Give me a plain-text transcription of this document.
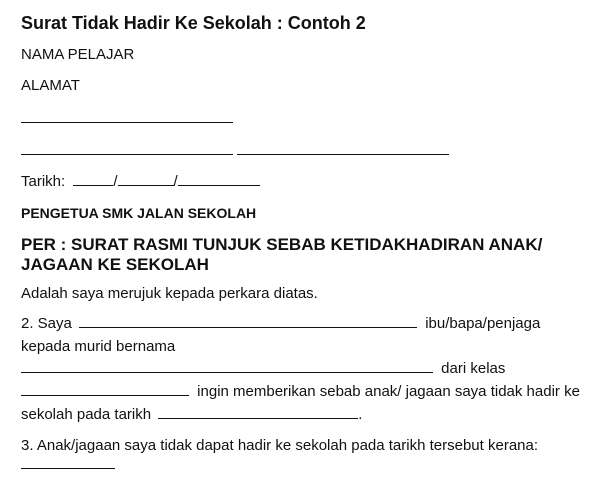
Surat Tidak Hadir Ke Sekolah : Contoh 2
NAMA PELAJAR
ALAMAT
Tarikh:	/	/
PENGETUA SMK JALAN SEKOLAH
PER : SURAT RASMI TUNJUK SEBAB KETIDAKHADIRAN ANAK/
JAGAAN KE SEKOLAH
Adalah saya merujuk kepada perkara diatas.
2. Saya	ibu/bapa/penjaga
kepada murid bernama
dari kelas
ingin memberikan sebab anak/ jagaan saya tidak hadir ke
sekolah pada tarikh	.
3. Anak/jagaan saya tidak dapat hadir ke sekolah pada tarikh tersebut kerana:
